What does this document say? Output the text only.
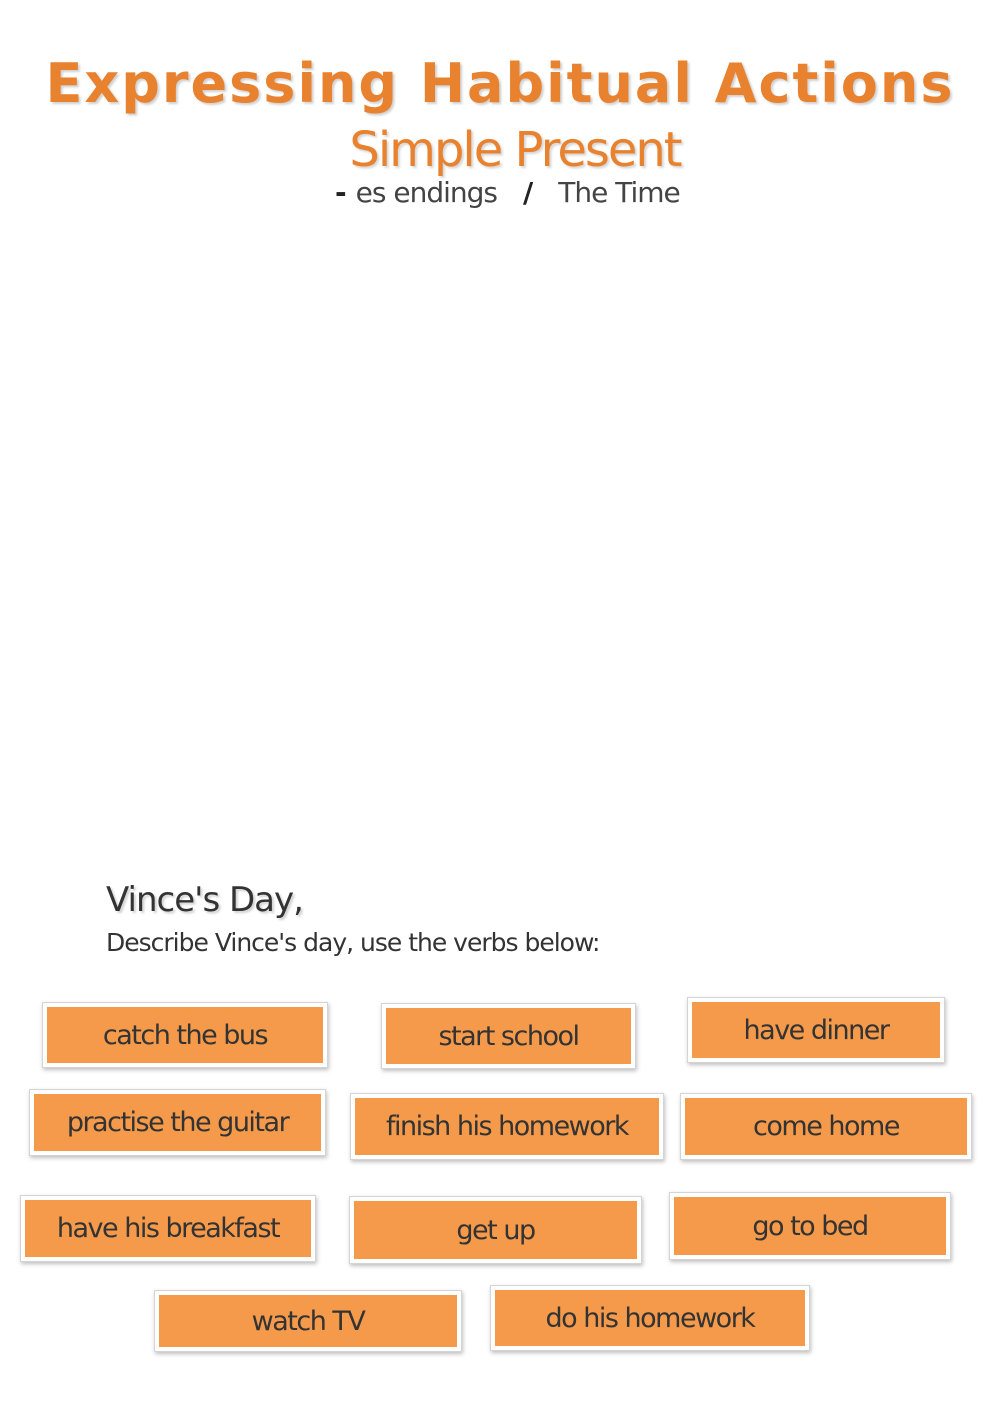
Expressing Habitual Actions
Simple Present
- es endings / The Time
Vince's Day,
Describe Vince's day, use the verbs below:
catch the bus	start school	have dinner
practise the guitar	finish his homework	come home
have his breakfast	get up	go to bed
watch TV	do his homework
